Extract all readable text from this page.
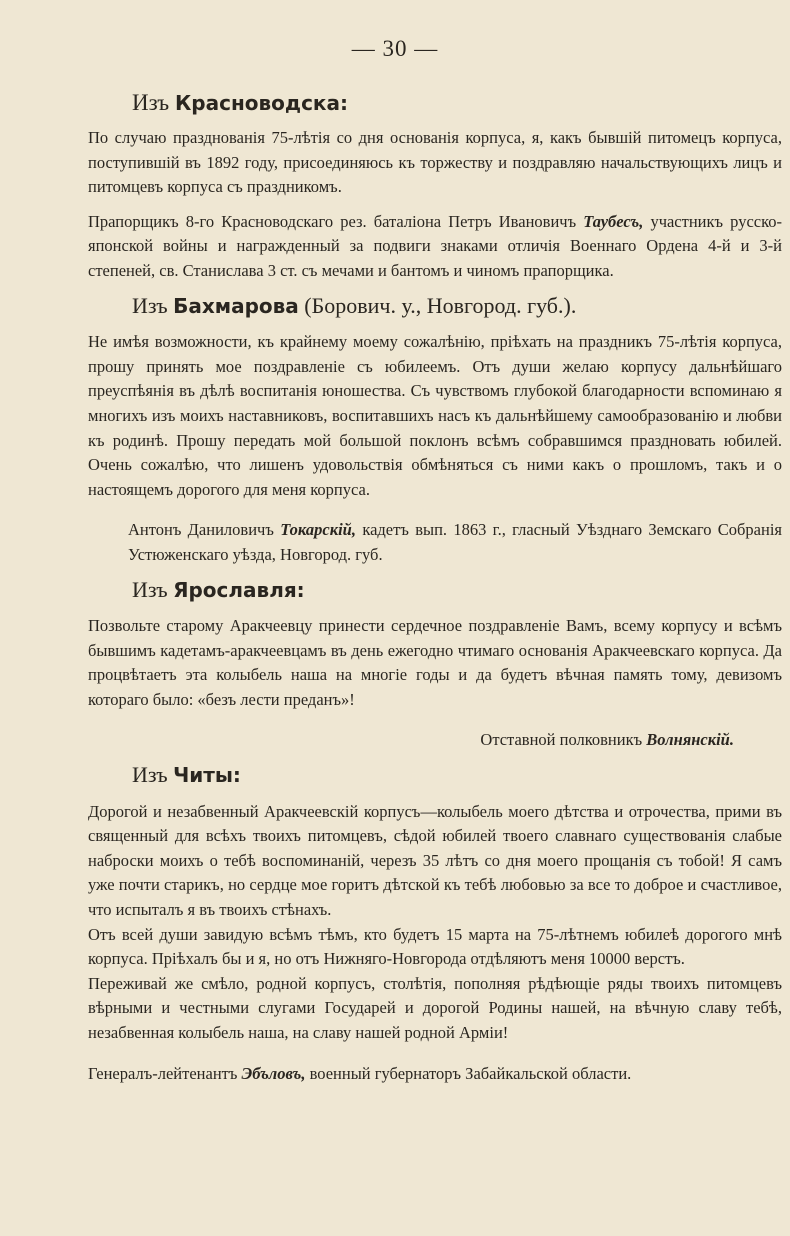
— 30 —
Изъ Красноводска:

По случаю празднованія 75-лѣтія со дня основанія корпуса, я, какъ бывшій питомецъ корпуса, поступившій въ 1892 году, присоединяюсь къ торжеству и поздравляю начальствующихъ лицъ и питомцевъ корпуса съ праздникомъ.

Прапорщикъ 8-го Красноводскаго рез. баталіона Петръ Ивановичъ Таубесъ, участникъ русско-японской войны и награжденный за подвиги знаками отличія Военнаго Ордена 4-й и 3-й степеней, св. Станислава 3 ст. съ мечами и бантомъ и чиномъ прапорщика.

Изъ Бахмарова (Борович. у., Новгород. губ.).

Не имѣя возможности, къ крайнему моему сожалѣнію, пріѣхать на праздникъ 75-лѣтія корпуса, прошу принять мое поздравленіе съ юбилеемъ. Отъ души желаю корпусу дальнѣйшаго преуспѣянія въ дѣлѣ воспитанія юношества. Съ чувствомъ глубокой благодарности вспоминаю я многихъ изъ моихъ наставниковъ, воспитавшихъ насъ къ дальнѣйшему самообразованію и любви къ родинѣ. Прошу передать мой большой поклонъ всѣмъ собравшимся праздновать юбилей. Очень сожалѣю, что лишенъ удовольствія обмѣняться съ ними какъ о прошломъ, такъ и о настоящемъ дорогого для меня корпуса.

Антонъ Даниловичъ Токарскій, кадетъ вып. 1863 г., гласный Уѣзднаго Земскаго Собранія Устюженскаго уѣзда, Новгород. губ.

Изъ Ярославля:

Позвольте старому Аракчеевцу принести сердечное поздравленіе Вамъ, всему корпусу и всѣмъ бывшимъ кадетамъ-аракчеевцамъ въ день ежегодно чтимаго основанія Аракчеевскаго корпуса. Да процвѣтаетъ эта колыбель наша на многіе годы и да будетъ вѣчная память тому, девизомъ котораго было: «безъ лести преданъ»!

Отставной полковникъ Волнянскій.

Изъ Читы:

Дорогой и незабвенный Аракчеевскій корпусъ—колыбель моего дѣтства и отрочества, прими въ священный для всѣхъ твоихъ питомцевъ, сѣдой юбилей твоего славнаго существованія слабые наброски моихъ о тебѣ воспоминаній, черезъ 35 лѣтъ со дня моего прощанія съ тобой! Я самъ уже почти старикъ, но сердце мое горитъ дѣтской къ тебѣ любовью за все то доброе и счастливое, что испыталъ я въ твоихъ стѣнахъ.

Отъ всей души завидую всѣмъ тѣмъ, кто будетъ 15 марта на 75-лѣтнемъ юбилеѣ дорогого мнѣ корпуса. Пріѣхалъ бы и я, но отъ Нижняго-Новгорода отдѣляютъ меня 10000 верстъ.

Переживай же смѣло, родной корпусъ, столѣтія, пополняя рѣдѣющіе ряды твоихъ питомцевъ вѣрными и честными слугами Государей и дорогой Родины нашей, на вѣчную славу тебѣ, незабвенная колыбель наша, на славу нашей родной Арміи!

Генералъ-лейтенантъ Эбъловъ, военный губернаторъ Забайкальской области.
